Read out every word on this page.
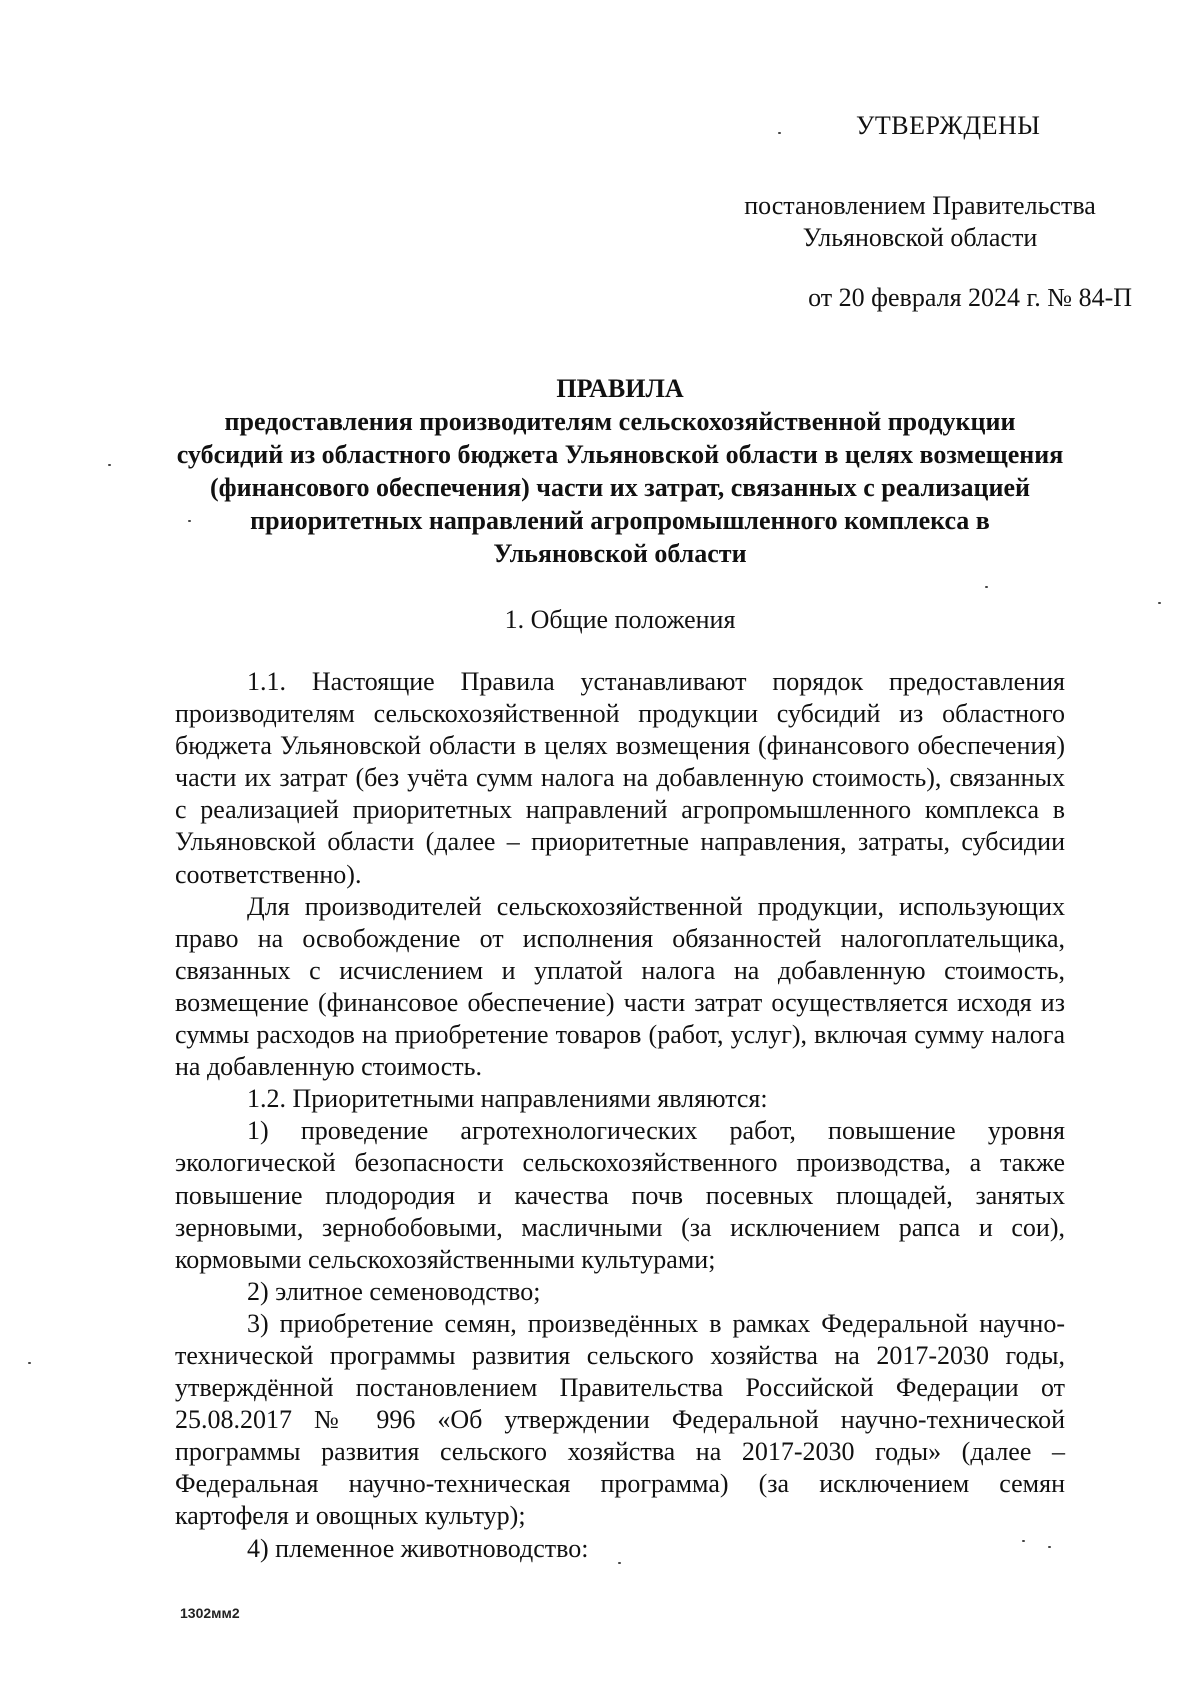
УТВЕРЖДЕНЫ
постановлением Правительства Ульяновской области
от 20 февраля 2024 г. № 84-П
ПРАВИЛА
предоставления производителям сельскохозяйственной продукции субсидий из областного бюджета Ульяновской области в целях возмещения (финансового обеспечения) части их затрат, связанных с реализацией приоритетных направлений агропромышленного комплекса в Ульяновской области
1. Общие положения

1.1. Настоящие Правила устанавливают порядок предоставления производителям сельскохозяйственной продукции субсидий из областного бюджета Ульяновской области в целях возмещения (финансового обеспечения) части их затрат (без учёта сумм налога на добавленную стоимость), связанных с реализацией приоритетных направлений агропромышленного комплекса в Ульяновской области (далее – приоритетные направления, затраты, субсидии соответственно).

Для производителей сельскохозяйственной продукции, использующих право на освобождение от исполнения обязанностей налогоплательщика, связанных с исчислением и уплатой налога на добавленную стоимость, возмещение (финансовое обеспечение) части затрат осуществляется исходя из суммы расходов на приобретение товаров (работ, услуг), включая сумму налога на добавленную стоимость.

1.2. Приоритетными направлениями являются:

1) проведение агротехнологических работ, повышение уровня экологической безопасности сельскохозяйственного производства, а также повышение плодородия и качества почв посевных площадей, занятых зерновыми, зернобобовыми, масличными (за исключением рапса и сои), кормовыми сельскохозяйственными культурами;

2) элитное семеноводство;

3) приобретение семян, произведённых в рамках Федеральной научно-технической программы развития сельского хозяйства на 2017-2030 годы, утверждённой постановлением Правительства Российской Федерации от 25.08.2017 № 996 «Об утверждении Федеральной научно-технической программы развития сельского хозяйства на 2017-2030 годы» (далее – Федеральная научно-техническая программа) (за исключением семян картофеля и овощных культур);

4) племенное животноводство:

1302мм2
